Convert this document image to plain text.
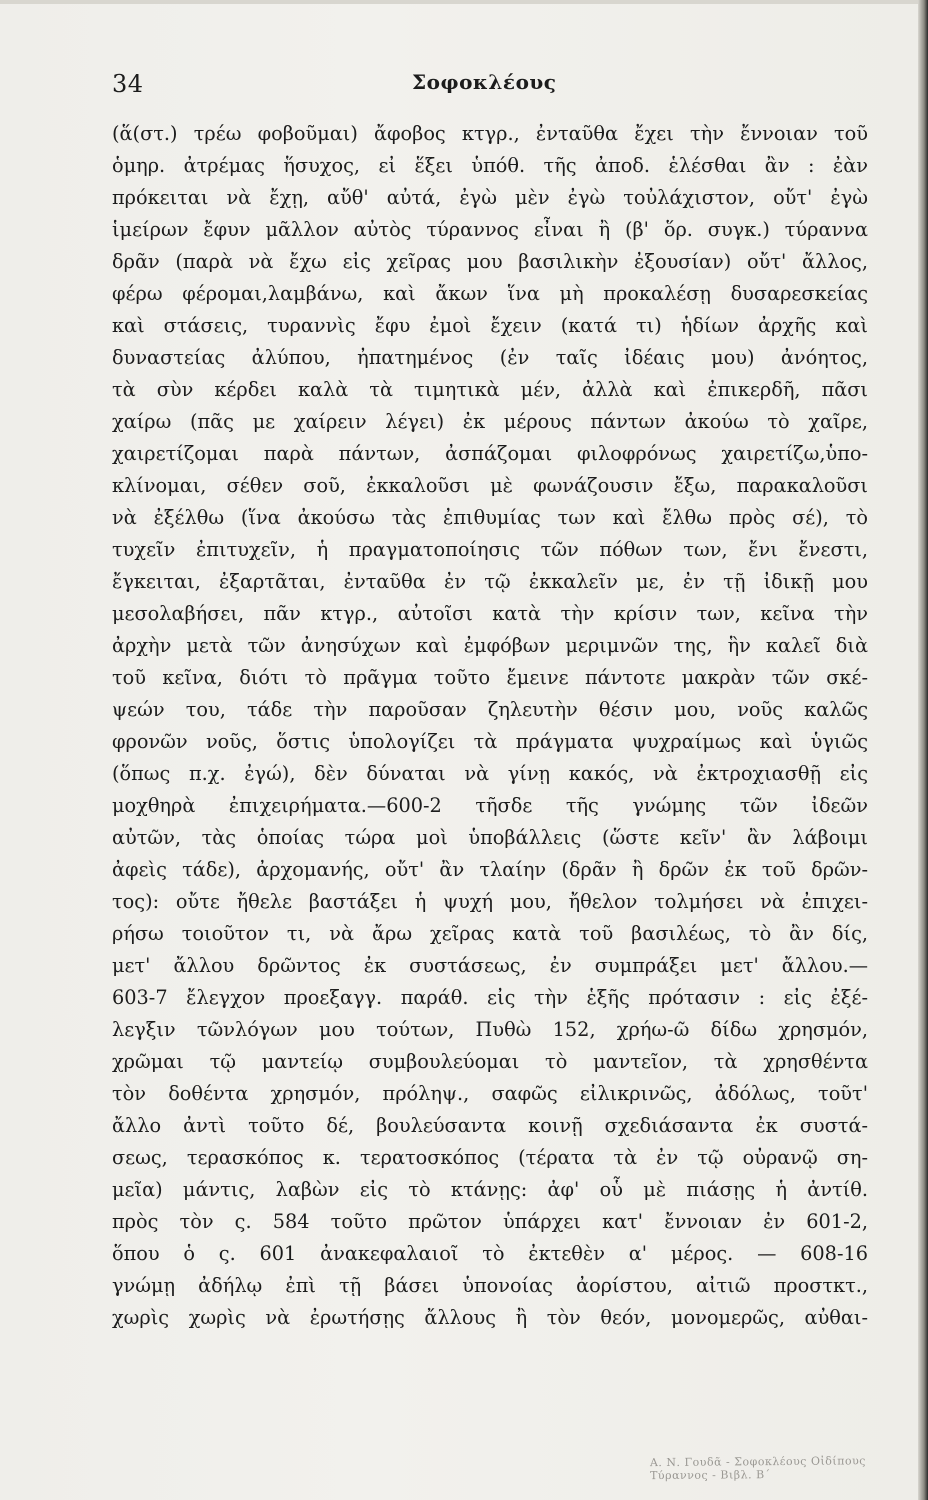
34	Σοφοκλέους
(ἅ(στ.) τρέω φοβοῦμαι) ἄφοβος κτγρ., ἐνταῦθα ἔχει τὴν ἔννοιαν τοῦ
ὁμηρ. ἀτρέμας ἥσυχος, εἰ ἕξει ὑπόθ. τῆς ἀποδ. ἑλέσθαι ἂν : ἐὰν
πρόκειται νὰ ἔχῃ, αὔθ' αὐτά, ἐγὼ μὲν ἐγὼ τοὐλάχιστον, οὔτ' ἐγὼ
ἱμείρων ἔφυν μᾶλλον αὐτὸς τύραννος εἶναι ἢ (β' ὅρ. συγκ.) τύραννα
δρᾶν (παρὰ νὰ ἔχω εἰς χεῖρας μου βασιλικὴν ἐξουσίαν) οὔτ' ἄλλος,
φέρω φέρομαι,λαμβάνω, καὶ ἄκων ἵνα μὴ προκαλέσῃ δυσαρεσκείας
καὶ στάσεις, τυραννὶς ἔφυ ἐμοὶ ἔχειν (κατά τι) ἡδίων ἀρχῆς καὶ
δυναστείας ἀλύπου, ἠπατημένος (ἐν ταῖς ἰδέαις μου) ἀνόητος,
τὰ σὺν κέρδει καλὰ τὰ τιμητικὰ μέν, ἀλλὰ καὶ ἐπικερδῆ, πᾶσι
χαίρω (πᾶς με χαίρειν λέγει) ἐκ μέρους πάντων ἀκούω τὸ χαῖρε,
χαιρετίζομαι παρὰ πάντων, ἀσπάζομαι φιλοφρόνως χαιρετίζω,ὑπο-
κλίνομαι, σέθεν σοῦ, ἐκκαλοῦσι μὲ φωνάζουσιν ἔξω, παρακαλοῦσι
νὰ ἐξέλθω (ἵνα ἀκούσω τὰς ἐπιθυμίας των καὶ ἔλθω πρὸς σέ), τὸ
τυχεῖν ἐπιτυχεῖν, ἡ πραγματοποίησις τῶν πόθων των, ἔνι ἔνεστι,
ἔγκειται, ἐξαρτᾶται, ἐνταῦθα ἐν τῷ ἐκκαλεῖν με, ἐν τῇ ἰδικῇ μου
μεσολαβήσει, πᾶν κτγρ., αὐτοῖσι κατὰ τὴν κρίσιν των, κεῖνα τὴν
ἀρχὴν μετὰ τῶν ἀνησύχων καὶ ἐμφόβων μεριμνῶν της, ἣν καλεῖ διὰ
τοῦ κεῖνα, διότι τὸ πρᾶγμα τοῦτο ἔμεινε πάντοτε μακρὰν τῶν σκέ-
ψεών του, τάδε τὴν παροῦσαν ζηλευτὴν θέσιν μου, νοῦς καλῶς
φρονῶν νοῦς, ὅστις ὑπολογίζει τὰ πράγματα ψυχραίμως καὶ ὑγιῶς
(ὅπως π.χ. ἐγώ), δὲν δύναται νὰ γίνῃ κακός, νὰ ἐκτροχιασθῇ εἰς
μοχθηρὰ ἐπιχειρήματα.—600-2 τῆσδε τῆς γνώμης τῶν ἰδεῶν
αὐτῶν, τὰς ὁποίας τώρα μοὶ ὑποβάλλεις (ὥστε κεῖν' ἂν λάβοιμι
ἀφεὶς τάδε), ἀρχομανής, οὔτ' ἂν τλαίην (δρᾶν ἢ δρῶν ἐκ τοῦ δρῶν-
τος): οὔτε ἤθελε βαστάξει ἡ ψυχή μου, ἤθελον τολμήσει νὰ ἐπιχει-
ρήσω τοιοῦτον τι, νὰ ἄρω χεῖρας κατὰ τοῦ βασιλέως, τὸ ἂν δίς,
μετ' ἄλλου δρῶντος ἐκ συστάσεως, ἐν συμπράξει μετ' ἄλλου.—
603-7 ἔλεγχον προεξαγγ. παράθ. εἰς τὴν ἑξῆς πρότασιν : εἰς ἐξέ-
λεγξιν τῶνλόγων μου τούτων, Πυθὼ 152, χρήω-ῶ δίδω χρησμόν,
χρῶμαι τῷ μαντείῳ συμβουλεύομαι τὸ μαντεῖον, τὰ χρησθέντα
τὸν δοθέντα χρησμόν, πρόληψ., σαφῶς εἰλικρινῶς, ἀδόλως, τοῦτ'
ἄλλο ἀντὶ τοῦτο δέ, βουλεύσαντα κοινῇ σχεδιάσαντα ἐκ συστά-
σεως, τερασκόπος κ. τερατοσκόπος (τέρατα τὰ ἐν τῷ οὐρανῷ ση-
μεῖα) μάντις, λαβὼν εἰς τὸ κτάνῃς: ἀφ' οὗ μὲ πιάσῃς ἡ ἀντίθ.
πρὸς τὸν ς. 584 τοῦτο πρῶτον ὑπάρχει κατ' ἔννοιαν ἐν 601-2,
ὅπου ὁ ς. 601 ἀνακεφαλαιοῖ τὸ ἐκτεθὲν α' μέρος. — 608-16
γνώμῃ ἀδήλῳ ἐπὶ τῇ βάσει ὑπονοίας ἀορίστου, αἰτιῶ προστκτ.,
χωρὶς χωρὶς νὰ ἐρωτήσῃς ἄλλους ἢ τὸν θεόν, μονομερῶς, αὐθαι-
Α. Ν. Γουδᾶ - Σοφοκλέους Οἰδίπους Τύραννος - Βιβλ. Β΄
